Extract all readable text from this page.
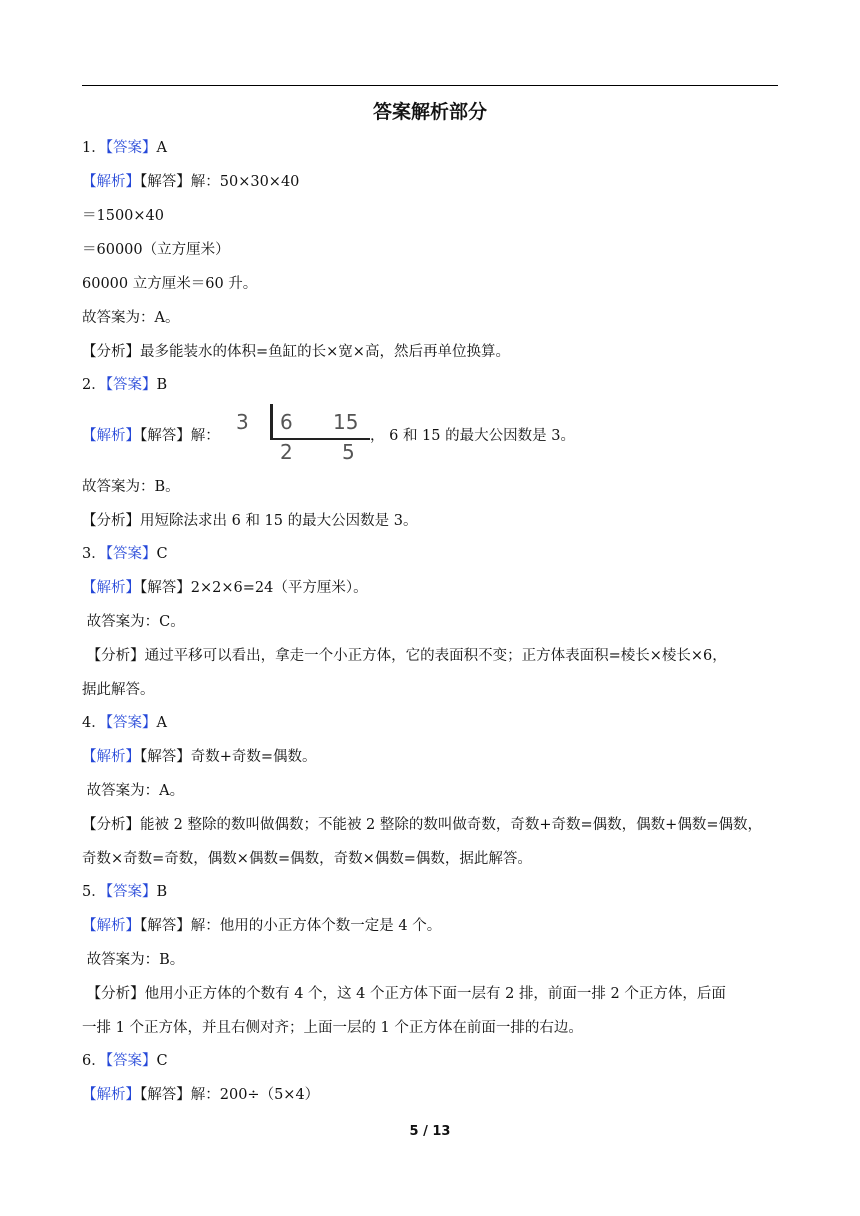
答案解析部分
1．【答案】A
【解析】【解答】解：50×30×40
＝1500×40
＝60000（立方厘米）
60000 立方厘米＝60 升。
故答案为：A。
【分析】最多能装水的体积=鱼缸的长×宽×高，然后再单位换算。
2．【答案】B
【解析】【解答】解：
3 6 15
2 5
， 6 和 15 的最大公因数是 3。
故答案为：B。
【分析】用短除法求出 6 和 15 的最大公因数是 3。
3．【答案】C
【解析】【解答】2×2×6=24（平方厘米）。
故答案为：C。
【分析】通过平移可以看出，拿走一个小正方体，它的表面积不变；正方体表面积=棱长×棱长×6，
据此解答。
4．【答案】A
【解析】【解答】奇数+奇数=偶数。
故答案为：A。
【分析】能被 2 整除的数叫做偶数；不能被 2 整除的数叫做奇数，奇数+奇数=偶数，偶数+偶数=偶数，
奇数×奇数=奇数，偶数×偶数=偶数，奇数×偶数=偶数，据此解答。
5．【答案】B
【解析】【解答】解：他用的小正方体个数一定是 4 个。
故答案为：B。
【分析】他用小正方体的个数有 4 个，这 4 个正方体下面一层有 2 排，前面一排 2 个正方体，后面
一排 1 个正方体，并且右侧对齐；上面一层的 1 个正方体在前面一排的右边。
6．【答案】C
【解析】【解答】解：200÷（5×4）
5 / 13
